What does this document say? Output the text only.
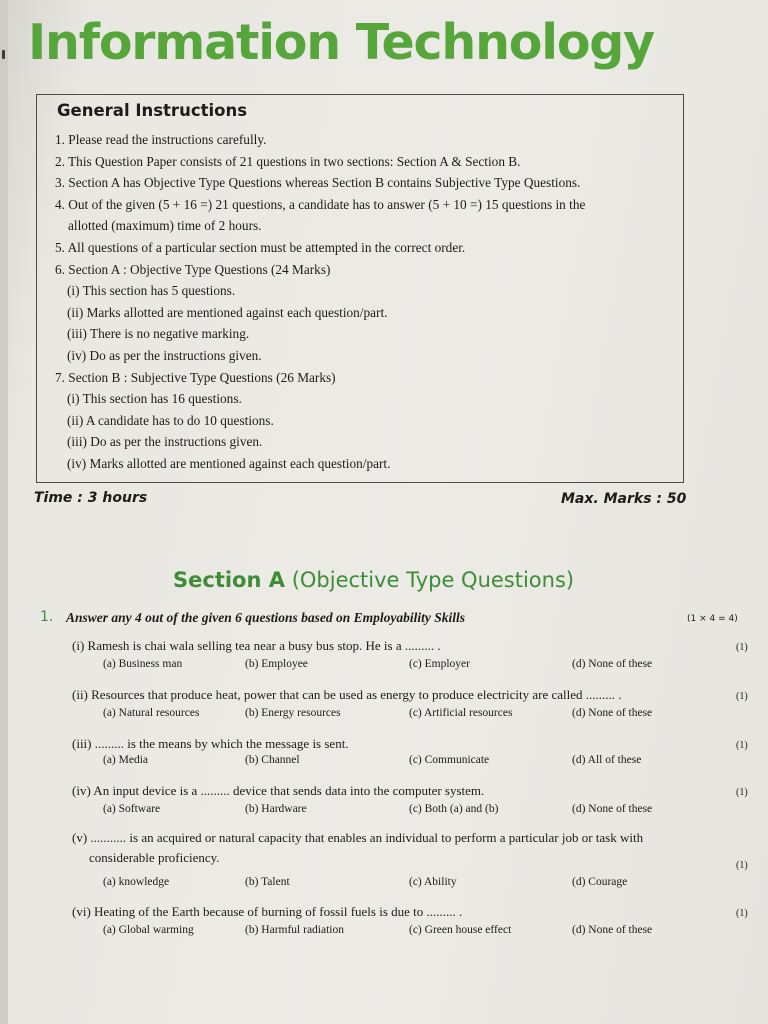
Information Technology
General Instructions
1. Please read the instructions carefully.
2. This Question Paper consists of 21 questions in two sections: Section A & Section B.
3. Section A has Objective Type Questions whereas Section B contains Subjective Type Questions.
4. Out of the given (5 + 16 =) 21 questions, a candidate has to answer (5 + 10 =) 15 questions in the
allotted (maximum) time of 2 hours.
5. All questions of a particular section must be attempted in the correct order.
6. Section A : Objective Type Questions (24 Marks)
(i) This section has 5 questions.
(ii) Marks allotted are mentioned against each question/part.
(iii) There is no negative marking.
(iv) Do as per the instructions given.
7. Section B : Subjective Type Questions (26 Marks)
(i) This section has 16 questions.
(ii) A candidate has to do 10 questions.
(iii) Do as per the instructions given.
(iv) Marks allotted are mentioned against each question/part.
Time : 3 hours	Max. Marks : 50
Section A (Objective Type Questions)
1. Answer any 4 out of the given 6 questions based on Employability Skills	(1 × 4 = 4)
(i) Ramesh is chai wala selling tea near a busy bus stop. He is a ......... .	(1)
(a) Business man	(b) Employee	(c) Employer	(d) None of these
(ii) Resources that produce heat, power that can be used as energy to produce electricity are called ......... .	(1)
(a) Natural resources	(b) Energy resources	(c) Artificial resources	(d) None of these
(iii) ......... is the means by which the message is sent.	(1)
(a) Media	(b) Channel	(c) Communicate	(d) All of these
(iv) An input device is a ......... device that sends data into the computer system.	(1)
(a) Software	(b) Hardware	(c) Both (a) and (b)	(d) None of these
(v) ........... is an acquired or natural capacity that enables an individual to perform a particular job or task with
considerable proficiency.
(1)
(a) knowledge	(b) Talent	(c) Ability	(d) Courage
(vi) Heating of the Earth because of burning of fossil fuels is due to ......... .	(1)
(a) Global warming	(b) Harmful radiation	(c) Green house effect	(d) None of these
